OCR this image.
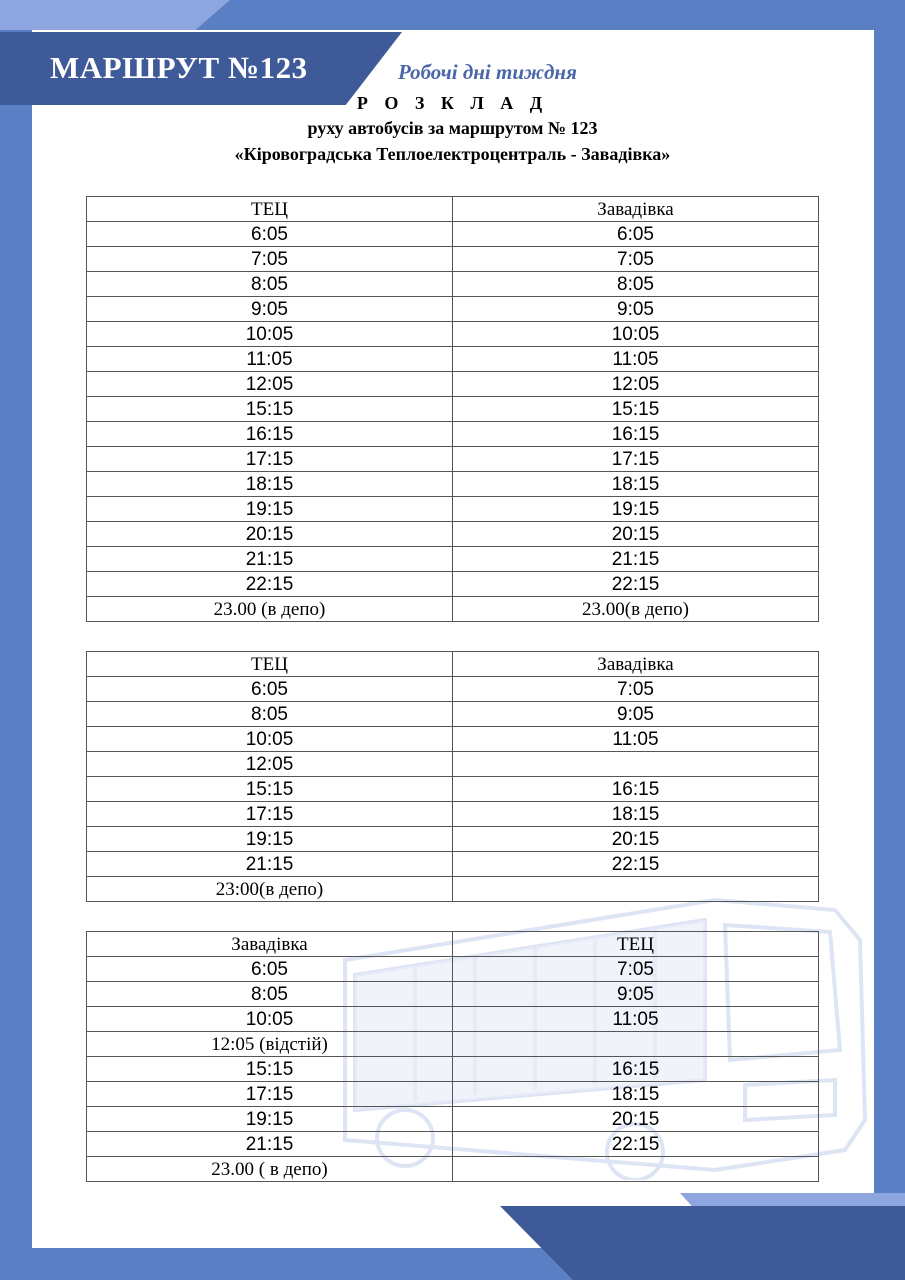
МАРШРУТ №123	Робочі дні тиждня
Р О З К Л А Д
руху автобусів за маршрутом № 123
«Кіровоградська Теплоелектроцентраль - Завадівка»
ТЕЦ	Завадівка
6:05	6:05
7:05	7:05
8:05	8:05
9:05	9:05
10:05	10:05
11:05	11:05
12:05	12:05
15:15	15:15
16:15	16:15
17:15	17:15
18:15	18:15
19:15	19:15
20:15	20:15
21:15	21:15
22:15	22:15
23.00 (в депо)	23.00(в депо)
ТЕЦ	Завадівка
6:05	7:05
8:05	9:05
10:05	11:05
12:05	
15:15	16:15
17:15	18:15
19:15	20:15
21:15	22:15
23:00(в депо)	
Завадівка	ТЕЦ
6:05	7:05
8:05	9:05
10:05	11:05
12:05 (відстій)	
15:15	16:15
17:15	18:15
19:15	20:15
21:15	22:15
23.00 ( в депо)	
